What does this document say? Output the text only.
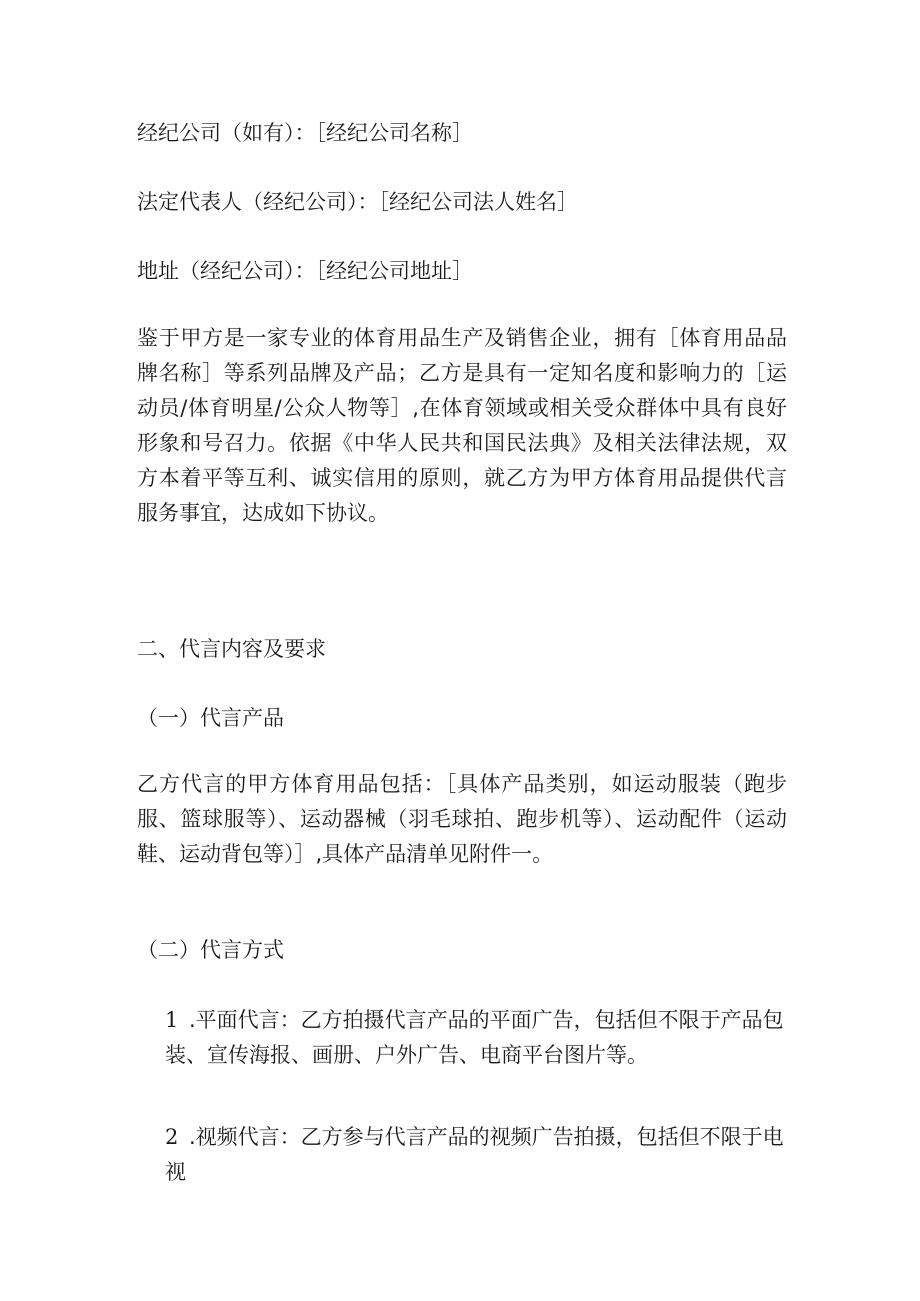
经纪公司（如有）：［经纪公司名称］
法定代表人（经纪公司）：［经纪公司法人姓名］
地址（经纪公司）：［经纪公司地址］
鉴于甲方是一家专业的体育用品生产及销售企业，拥有［体育用品品牌名称］等系列品牌及产品；乙方是具有一定知名度和影响力的［运动员/体育明星/公众人物等］,在体育领域或相关受众群体中具有良好形象和号召力。依据《中华人民共和国民法典》及相关法律法规，双方本着平等互利、诚实信用的原则，就乙方为甲方体育用品提供代言服务事宜，达成如下协议。
二、代言内容及要求
（一）代言产品
乙方代言的甲方体育用品包括：［具体产品类别，如运动服装（跑步服、篮球服等）、运动器械（羽毛球拍、跑步机等）、运动配件（运动鞋、运动背包等）］,具体产品清单见附件一。
（二）代言方式
1 .平面代言：乙方拍摄代言产品的平面广告，包括但不限于产品包装、宣传海报、画册、户外广告、电商平台图片等。
2 .视频代言：乙方参与代言产品的视频广告拍摄，包括但不限于电视
